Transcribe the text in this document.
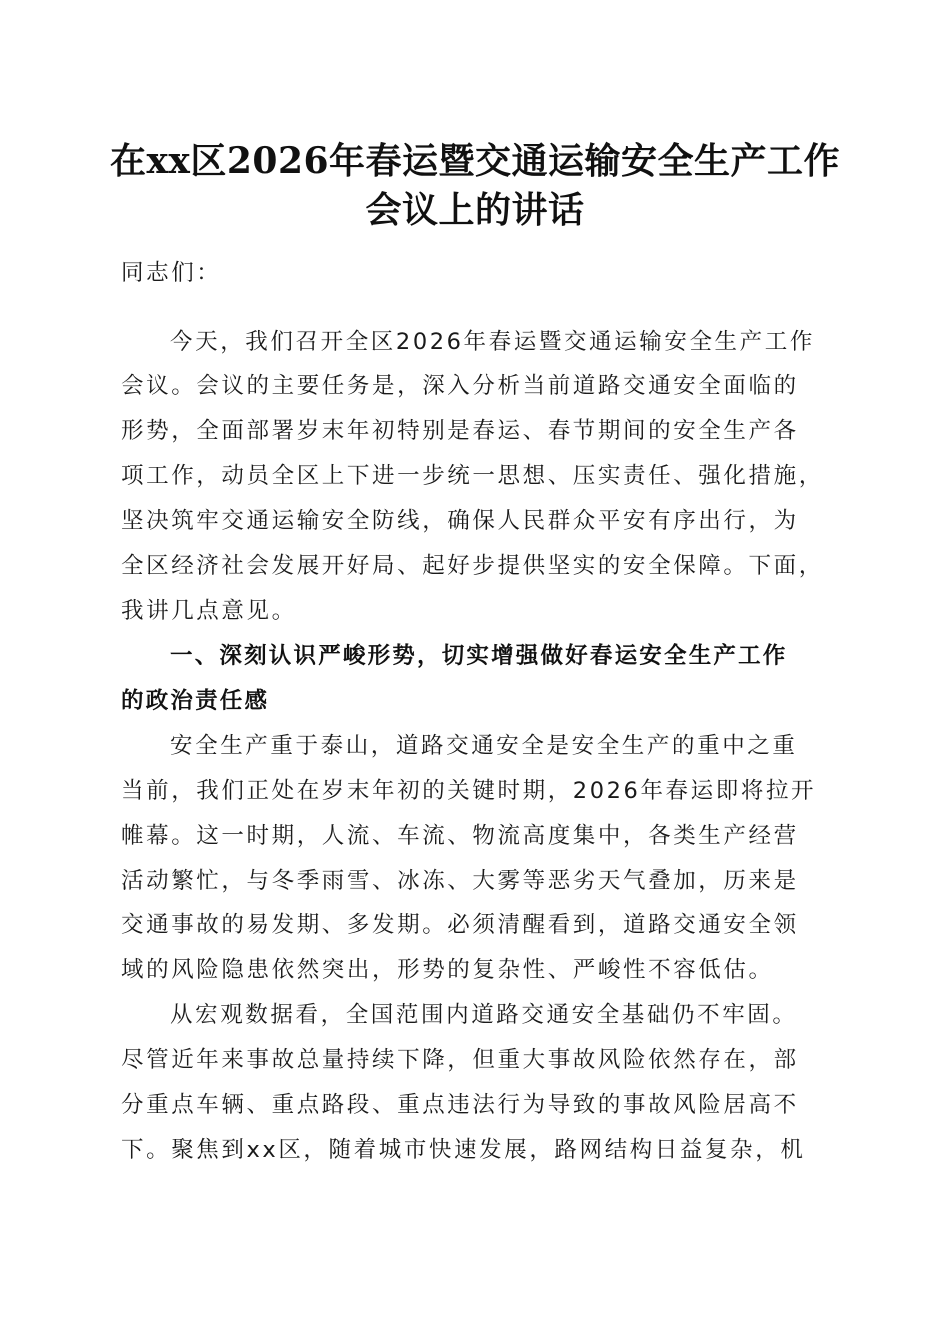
在xx区2026年春运暨交通运输安全生产工作
会议上的讲话
同志们：
今天，我们召开全区2026年春运暨交通运输安全生产工作
会议。会议的主要任务是，深入分析当前道路交通安全面临的
形势，全面部署岁末年初特别是春运、春节期间的安全生产各
项工作，动员全区上下进一步统一思想、压实责任、强化措施，
坚决筑牢交通运输安全防线，确保人民群众平安有序出行，为
全区经济社会发展开好局、起好步提供坚实的安全保障。下面，
我讲几点意见。
一、深刻认识严峻形势，切实增强做好春运安全生产工作
的政治责任感
安全生产重于泰山，道路交通安全是安全生产的重中之重
当前，我们正处在岁末年初的关键时期，2026年春运即将拉开
帷幕。这一时期，人流、车流、物流高度集中，各类生产经营
活动繁忙，与冬季雨雪、冰冻、大雾等恶劣天气叠加，历来是
交通事故的易发期、多发期。必须清醒看到，道路交通安全领
域的风险隐患依然突出，形势的复杂性、严峻性不容低估。
从宏观数据看，全国范围内道路交通安全基础仍不牢固。
尽管近年来事故总量持续下降，但重大事故风险依然存在，部
分重点车辆、重点路段、重点违法行为导致的事故风险居高不
下。聚焦到xx区，随着城市快速发展，路网结构日益复杂，机
